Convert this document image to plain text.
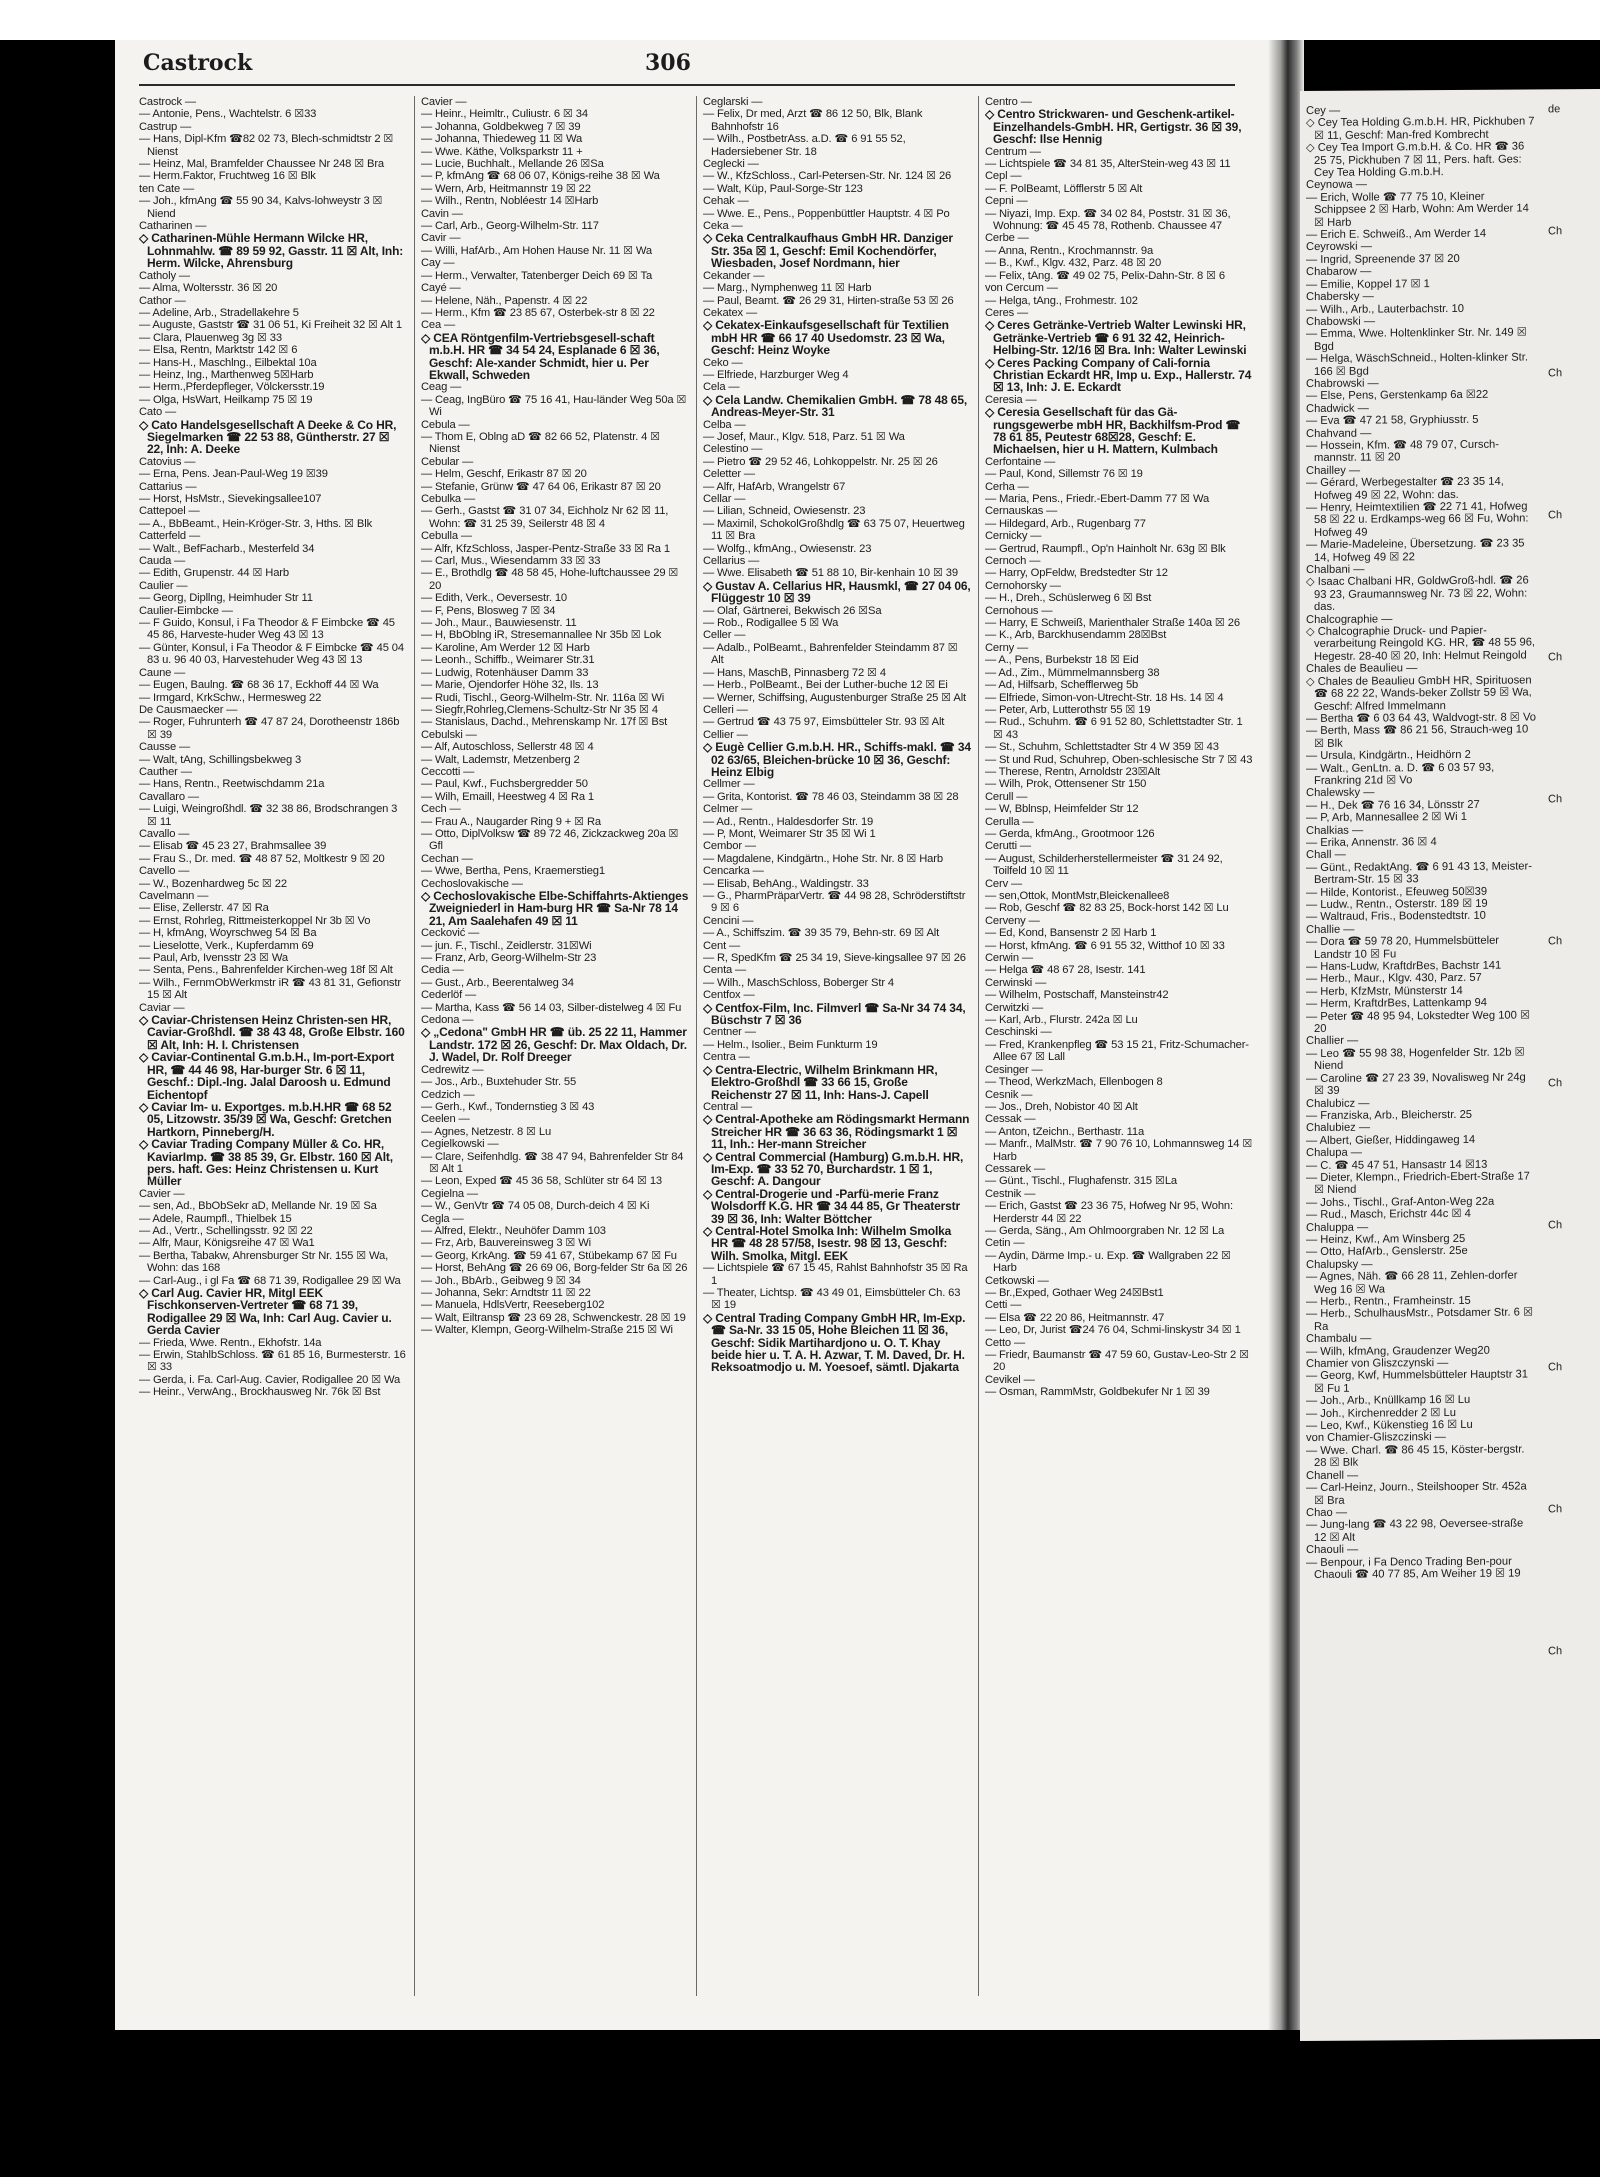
Castrock	306

Castrock —

— Antonie, Pens., Wachtelstr. 6 ☒33

Castrup —

— Hans, Dipl-Kfm ☎82 02 73, Blech-schmidtstr 2 ☒ Nienst

— Heinz, Mal, Bramfelder Chaussee Nr 248 ☒ Bra

— Herm.Faktor, Fruchtweg 16 ☒ Blk

ten Cate —

— Joh., kfmAng ☎ 55 90 34, Kalvs-lohweystr 3 ☒ Niend

Catharinen —

◇ Catharinen-Mühle Hermann Wilcke HR, Lohnmahlw. ☎ 89 59 92, Gasstr. 11 ☒ Alt, Inh: Herm. Wilcke, Ahrensburg

Catholy —

— Alma, Woltersstr. 36 ☒ 20

Cathor —

— Adeline, Arb., Stradellakehre 5

— Auguste, Gaststr ☎ 31 06 51, Ki Freiheit 32 ☒ Alt 1

— Clara, Plauenweg 3g ☒ 33

— Elsa, Rentn, Marktstr 142 ☒ 6

— Hans-H., Maschlng., Eilbektal 10a

— Heinz, Ing., Marthenweg 5☒Harb

— Herm.,Pferdepfleger, Völckersstr.19

— Olga, HsWart, Heilkamp 75 ☒ 19

Cato —

◇ Cato Handelsgesellschaft A Deeke & Co HR, Siegelmarken ☎ 22 53 88, Güntherstr. 27 ☒ 22, Inh: A. Deeke

Catovius —

— Erna, Pens. Jean-Paul-Weg 19 ☒39

Cattarius —

— Horst, HsMstr., Sievekingsallee107

Cattepoel —

— A., BbBeamt., Hein-Kröger-Str. 3, Hths. ☒ Blk

Catterfeld —

— Walt., BefFacharb., Mesterfeld 34

Cauda —

— Edith, Grupenstr. 44 ☒ Harb

Caulier —

— Georg, Dipllng, Heimhuder Str 11

Caulier-Eimbcke —

— F Guido, Konsul, i Fa Theodor & F Eimbcke ☎ 45 45 86, Harveste-huder Weg 43 ☒ 13

— Günter, Konsul, i Fa Theodor & F Eimbcke ☎ 45 04 83 u. 96 40 03, Harvestehuder Weg 43 ☒ 13

Caune —

— Eugen, Baulng. ☎ 68 36 17, Eckhoff 44 ☒ Wa

— Irmgard, KrkSchw., Hermesweg 22

De Causmaecker —

— Roger, Fuhrunterh ☎ 47 87 24, Dorotheenstr 186b ☒ 39

Causse —

— Walt, tAng, Schillingsbekweg 3

Cauther —

— Hans, Rentn., Reetwischdamm 21a

Cavallaro —

— Luigi, Weingroßhdl. ☎ 32 38 86, Brodschrangen 3 ☒ 11

Cavallo —

— Elisab ☎ 45 23 27, Brahmsallee 39

— Frau S., Dr. med. ☎ 48 87 52, Moltkestr 9 ☒ 20

Cavello —

— W., Bozenhardweg 5c ☒ 22

Cavelmann —

— Elise, Zellerstr. 47 ☒ Ra

— Ernst, Rohrleg, Rittmeisterkoppel Nr 3b ☒ Vo

— H, kfmAng, Woyrschweg 54 ☒ Ba

— Lieselotte, Verk., Kupferdamm 69

— Paul, Arb, Ivensstr 23 ☒ Wa

— Senta, Pens., Bahrenfelder Kirchen-weg 18f ☒ Alt

— Wilh., FernmObWerkmstr iR ☎ 43 81 31, Gefionstr 15 ☒ Alt

Caviar —

◇ Caviar-Christensen Heinz Christen-sen HR, Caviar-Großhdl. ☎ 38 43 48, Große Elbstr. 160 ☒ Alt, Inh: H. I. Christensen

◇ Caviar-Continental G.m.b.H., Im-port-Export HR, ☎ 44 46 98, Har-burger Str. 6 ☒ 11, Geschf.: Dipl.-Ing. Jalal Daroosh u. Edmund Eichentopf

◇ Caviar Im- u. Exportges. m.b.H.HR ☎ 68 52 05, Litzowstr. 35/39 ☒ Wa, Geschf: Gretchen Hartkorn, Pinneberg/H.

◇ Caviar Trading Company Müller & Co. HR, KaviarImp. ☎ 38 85 39, Gr. Elbstr. 160 ☒ Alt, pers. haft. Ges: Heinz Christensen u. Kurt Müller

Cavier —

— sen, Ad., BbObSekr aD, Mellande Nr. 19 ☒ Sa

— Adele, Raumpfl., Thielbek 15

— Ad., Vertr., Schellingsstr. 92 ☒ 22

— Alfr, Maur, Königsreihe 47 ☒ Wa1

— Bertha, Tabakw, Ahrensburger Str Nr. 155 ☒ Wa, Wohn: das 168

— Carl-Aug., i gl Fa ☎ 68 71 39, Rodigallee 29 ☒ Wa

◇ Carl Aug. Cavier HR, Mitgl EEK Fischkonserven-Vertreter ☎ 68 71 39, Rodigallee 29 ☒ Wa, Inh: Carl Aug. Cavier u. Gerda Cavier

— Frieda, Wwe. Rentn., Ekhofstr. 14a

— Erwin, StahlbSchloss. ☎ 61 85 16, Burmesterstr. 16 ☒ 33

— Gerda, i. Fa. Carl-Aug. Cavier, Rodigallee 20 ☒ Wa

— Heinr., VerwAng., Brockhausweg Nr. 76k ☒ Bst

Cavier —

— Heinr., Heimltr., Culiustr. 6 ☒ 34

— Johanna, Goldbekweg 7 ☒ 39

— Johanna, Thiedeweg 11 ☒ Wa

— Wwe. Käthe, Volksparkstr 11 +

— Lucie, Buchhalt., Mellande 26 ☒Sa

— P, kfmAng ☎ 68 06 07, Königs-reihe 38 ☒ Wa

— Wern, Arb, Heitmannstr 19 ☒ 22

— Wilh., Rentn, Nobléestr 14 ☒Harb

Cavin —

— Carl, Arb., Georg-Wilhelm-Str. 117

Cavir —

— Willi, HafArb., Am Hohen Hause Nr. 11 ☒ Wa

Cay —

— Herm., Verwalter, Tatenberger Deich 69 ☒ Ta

Cayé —

— Helene, Näh., Papenstr. 4 ☒ 22

— Herm., Kfm ☎ 23 85 67, Osterbek-str 8 ☒ 22

Cea —

◇ CEA Röntgenfilm-Vertriebsgesell-schaft m.b.H. HR ☎ 34 54 24, Esplanade 6 ☒ 36, Geschf: Ale-xander Schmidt, hier u. Per Ekwall, Schweden

Ceag —

— Ceag, IngBüro ☎ 75 16 41, Hau-länder Weg 50a ☒ Wi

Cebula —

— Thom E, Oblng aD ☎ 82 66 52, Platenstr. 4 ☒ Nienst

Cebular —

— Helm, Geschf, Erikastr 87 ☒ 20

— Stefanie, Grünw ☎ 47 64 06, Erikastr 87 ☒ 20

Cebulka —

— Gerh., Gastst ☎ 31 07 34, Eichholz Nr 62 ☒ 11, Wohn: ☎ 31 25 39, Seilerstr 48 ☒ 4

Cebulla —

— Alfr, KfzSchloss, Jasper-Pentz-Straße 33 ☒ Ra 1

— Carl, Mus., Wiesendamm 33 ☒ 33

— E., Brothdlg ☎ 48 58 45, Hohe-luftchaussee 29 ☒ 20

— Edith, Verk., Oeversestr. 10

— F, Pens, Blosweg 7 ☒ 34

— Joh., Maur., Bauwiesenstr. 11

— H, BbOblng iR, Stresemannallee Nr 35b ☒ Lok

— Karoline, Am Werder 12 ☒ Harb

— Leonh., Schiffb., Weimarer Str.31

— Ludwig, Rotenhäuser Damm 33

— Marie, Ojendorfer Höhe 32, Ils. 13

— Rudi, Tischl., Georg-Wilhelm-Str. Nr. 116a ☒ Wi

— Siegfr,Rohrleg,Clemens-Schultz-Str Nr 35 ☒ 4

— Stanislaus, Dachd., Mehrenskamp Nr. 17f ☒ Bst

Cebulski —

— Alf, Autoschloss, Sellerstr 48 ☒ 4

— Walt, Lademstr, Metzenberg 2

Ceccotti —

— Paul, Kwf., Fuchsbergredder 50

— Wilh, Emaill, Heestweg 4 ☒ Ra 1

Cech —

— Frau A., Naugarder Ring 9 + ☒ Ra

— Otto, DiplVolksw ☎ 89 72 46, Zickzackweg 20a ☒ Gfl

Cechan —

— Wwe, Bertha, Pens, Kraemerstieg1

Cechoslovakische —

◇ Cechoslovakische Elbe-Schiffahrts-Aktienges Zweigniederl in Ham-burg HR ☎ Sa-Nr 78 14 21, Am Saalehafen 49 ☒ 11

Cecković —

— jun. F., Tischl., Zeidlerstr. 31☒Wi

— Franz, Arb, Georg-Wilhelm-Str 23

Cedia —

— Gust., Arb., Beerentalweg 34

Cederlöf —

— Martha, Kass ☎ 56 14 03, Silber-distelweg 4 ☒ Fu

Cedona —

◇ „Cedona" GmbH HR ☎ üb. 25 22 11, Hammer Landstr. 172 ☒ 26, Geschf: Dr. Max Oldach, Dr. J. Wadel, Dr. Rolf Dreeger

Cedrewitz —

— Jos., Arb., Buxtehuder Str. 55

Cedzich —

— Gerh., Kwf., Tondernstieg 3 ☒ 43

Ceelen —

— Agnes, Netzestr. 8 ☒ Lu

Cegielkowski —

— Clare, Seifenhdlg. ☎ 38 47 94, Bahrenfelder Str 84 ☒ Alt 1

— Leon, Exped ☎ 45 36 58, Schlüter str 64 ☒ 13

Cegielna —

— W., GenVtr ☎ 74 05 08, Durch-deich 4 ☒ Ki

Cegla —

— Alfred, Elektr., Neuhöfer Damm 103

— Frz, Arb, Bauvereinsweg 3 ☒ Wi

— Georg, KrkAng. ☎ 59 41 67, Stübekamp 67 ☒ Fu

— Horst, BehAng ☎ 26 69 06, Borg-felder Str 6a ☒ 26

— Joh., BbArb., Geibweg 9 ☒ 34

— Johanna, Sekr: Arndtstr 11 ☒ 22

— Manuela, HdlsVertr, Reeseberg102

— Walt, Eiltransp ☎ 23 69 28, Schwenckestr. 28 ☒ 19

— Walter, Klempn, Georg-Wilhelm-Straße 215 ☒ Wi

Ceglarski —

— Felix, Dr med, Arzt ☎ 86 12 50, Blk, Blank Bahnhofstr 16

— Wilh., PostbetrAss. a.D. ☎ 6 91 55 52, Hadersiebener Str. 18

Ceglecki —

— W., KfzSchloss., Carl-Petersen-Str. Nr. 124 ☒ 26

— Walt, Küp, Paul-Sorge-Str 123

Cehak —

— Wwe. E., Pens., Poppenbüttler Hauptstr. 4 ☒ Po

Ceka —

◇ Ceka Centralkaufhaus GmbH HR. Danziger Str. 35a ☒ 1, Geschf: Emil Kochendörfer, Wiesbaden, Josef Nordmann, hier

Cekander —

— Marg., Nymphenweg 11 ☒ Harb

— Paul, Beamt. ☎ 26 29 31, Hirten-straße 53 ☒ 26

Cekatex —

◇ Cekatex-Einkaufsgesellschaft für Textilien mbH HR ☎ 66 17 40 Usedomstr. 23 ☒ Wa, Geschf: Heinz Woyke

Ceko —

— Elfriede, Harzburger Weg 4

Cela —

◇ Cela Landw. Chemikalien GmbH. ☎ 78 48 65, Andreas-Meyer-Str. 31

Celba —

— Josef, Maur., Klgv. 518, Parz. 51 ☒ Wa

Celestino —

— Pietro ☎ 29 52 46, Lohkoppelstr. Nr. 25 ☒ 26

Celetter —

— Alfr, HafArb, Wrangelstr 67

Cellar —

— Lilian, Schneid, Owiesenstr. 23

— Maximil, SchokolGroßhdlg ☎ 63 75 07, Heuertweg 11 ☒ Bra

— Wolfg., kfmAng., Owiesenstr. 23

Cellarius —

— Wwe. Elisabeth ☎ 51 88 10, Bir-kenhain 10 ☒ 39

◇ Gustav A. Cellarius HR, Hausmkl, ☎ 27 04 06, Flüggestr 10 ☒ 39

— Olaf, Gärtnerei, Bekwisch 26 ☒Sa

— Rob., Rodigallee 5 ☒ Wa

Celler —

— Adalb., PolBeamt., Bahrenfelder Steindamm 87 ☒ Alt

— Hans, MaschB, Pinnasberg 72 ☒ 4

— Herb., PolBeamt., Bei der Luther-buche 12 ☒ Ei

— Werner, Schiffsing, Augustenburger Straße 25 ☒ Alt

Celleri —

— Gertrud ☎ 43 75 97, Eimsbütteler Str. 93 ☒ Alt

Cellier —

◇ Eugè Cellier G.m.b.H. HR., Schiffs-makl. ☎ 34 02 63/65, Bleichen-brücke 10 ☒ 36, Geschf: Heinz Elbig

Cellmer —

— Grita, Kontorist. ☎ 78 46 03, Steindamm 38 ☒ 28

Celmer —

— Ad., Rentn., Haldesdorfer Str. 19

— P, Mont, Weimarer Str 35 ☒ Wi 1

Cembor —

— Magdalene, Kindgärtn., Hohe Str. Nr. 8 ☒ Harb

Cencarka —

— Elisab, BehAng., Waldingstr. 33

— G., PharmPräparVertr. ☎ 44 98 28, Schröderstiftstr 9 ☒ 6

Cencini —

— A., Schiffszim. ☎ 39 35 79, Behn-str. 69 ☒ Alt

Cent —

— R, SpedKfm ☎ 25 34 19, Sieve-kingsallee 97 ☒ 26

Centa —

— Wilh., MaschSchloss, Boberger Str 4

Centfox —

◇ Centfox-Film, Inc. Filmverl ☎ Sa-Nr 34 74 34, Büschstr 7 ☒ 36

Centner —

— Helm., Isolier., Beim Funkturm 19

Centra —

◇ Centra-Electric, Wilhelm Brinkmann HR, Elektro-Großhdl ☎ 33 66 15, Große Reichenstr 27 ☒ 11, Inh: Hans-J. Capell

Central —

◇ Central-Apotheke am Rödingsmarkt Hermann Streicher HR ☎ 36 63 36, Rödingsmarkt 1 ☒ 11, Inh.: Her-mann Streicher

◇ Central Commercial (Hamburg) G.m.b.H. HR, Im-Exp. ☎ 33 52 70, Burchardstr. 1 ☒ 1, Geschf: A. Dangour

◇ Central-Drogerie und -Parfü-merie Franz Wolsdorff K.G. HR ☎ 34 44 85, Gr Theaterstr 39 ☒ 36, Inh: Walter Böttcher

◇ Central-Hotel Smolka Inh: Wilhelm Smolka HR ☎ 48 28 57/58, Isestr. 98 ☒ 13, Geschf: Wilh. Smolka, Mitgl. EEK

— Lichtspiele ☎ 67 15 45, Rahlst Bahnhofstr 35 ☒ Ra 1

— Theater, Lichtsp. ☎ 43 49 01, Eimsbütteler Ch. 63 ☒ 19

◇ Central Trading Company GmbH HR, Im-Exp. ☎ Sa-Nr. 33 15 05, Hohe Bleichen 11 ☒ 36, Geschf: Sidik Martihardjono u. O. T. Khay beide hier u. T. A. H. Azwar, T. M. Daved, Dr. H. Reksoatmodjo u. M. Yoesoef, sämtl. Djakarta

Centro —

◇ Centro Strickwaren- und Geschenk-artikel-Einzelhandels-GmbH. HR, Gertigstr. 36 ☒ 39, Geschf: Ilse Hennig

Centrum —

— Lichtspiele ☎ 34 81 35, AlterStein-weg 43 ☒ 11

Cepl —

— F. PolBeamt, Löfflerstr 5 ☒ Alt

Cepni —

— Niyazi, Imp. Exp. ☎ 34 02 84, Poststr. 31 ☒ 36, Wohnung: ☎ 45 45 78, Rothenb. Chaussee 47

Cerbe —

— Anna, Rentn., Krochmannstr. 9a

— B., Kwf., Klgv. 432, Parz. 48 ☒ 20

— Felix, tAng. ☎ 49 02 75, Pelix-Dahn-Str. 8 ☒ 6

von Cercum —

— Helga, tAng., Frohmestr. 102

Ceres —

◇ Ceres Getränke-Vertrieb Walter Lewinski HR, Getränke-Vertrieb ☎ 6 91 32 42, Heinrich-Helbing-Str. 12/16 ☒ Bra. Inh: Walter Lewinski

◇ Ceres Packing Company of Cali-fornia Christian Eckardt HR, Imp u. Exp., Hallerstr. 74 ☒ 13, Inh: J. E. Eckardt

Ceresia —

◇ Ceresia Gesellschaft für das Gä-rungsgewerbe mbH HR, Backhilfsm-Prod ☎ 78 61 85, Peutestr 68☒28, Geschf: E. Michaelsen, hier u H. Mattern, Kulmbach

Cerfontaine —

— Paul, Kond, Sillemstr 76 ☒ 19

Cerha —

— Maria, Pens., Friedr.-Ebert-Damm 77 ☒ Wa

Cernauskas —

— Hildegard, Arb., Rugenbarg 77

Cernicky —

— Gertrud, Raumpfl., Op'n Hainholt Nr. 63g ☒ Blk

Cernoch —

— Harry, OpFeldw, Bredstedter Str 12

Cernohorsky —

— H., Dreh., Schüslerweg 6 ☒ Bst

Cernohous —

— Harry, E Schweiß, Marienthaler Straße 140a ☒ 26

— K., Arb, Barckhusendamm 28☒Bst

Cerny —

— A., Pens, Burbekstr 18 ☒ Eid

— Ad., Zim., Mümmelmannsberg 38

— Ad, Hilfsarb, Schefflerweg 5b

— Elfriede, Simon-von-Utrecht-Str. 18 Hs. 14 ☒ 4

— Peter, Arb, Lutterothstr 55 ☒ 19

— Rud., Schuhm. ☎ 6 91 52 80, Schlettstadter Str. 1 ☒ 43

— St., Schuhm, Schlettstadter Str 4 W 359 ☒ 43

— St und Rud, Schuhrep, Oben-schlesische Str 7 ☒ 43

— Therese, Rentn, Arnoldstr 23☒Alt

— Wilh, Prok, Ottensener Str 150

Cerull —

— W, Bblnsp, Heimfelder Str 12

Cerulla —

— Gerda, kfmAng., Grootmoor 126

Cerutti —

— August, Schilderherstellermeister ☎ 31 24 92, Toilfeld 10 ☒ 11

Cerv —

— sen,Ottok, MontMstr,Bleickenallee8

— Rob, Geschf ☎ 82 83 25, Bock-horst 142 ☒ Lu

Cerveny —

— Ed, Kond, Bansenstr 2 ☒ Harb 1

— Horst, kfmAng. ☎ 6 91 55 32, Witthof 10 ☒ 33

Cerwin —

— Helga ☎ 48 67 28, Isestr. 141

Cerwinski —

— Wilhelm, Postschaff, Mansteinstr42

Cerwitzki —

— Karl, Arb., Flurstr. 242a ☒ Lu

Ceschinski —

— Fred, Krankenpfleg ☎ 53 15 21, Fritz-Schumacher-Allee 67 ☒ Lall

Cesinger —

— Theod, WerkzMach, Ellenbogen 8

Cesnik —

— Jos., Dreh, Nobistor 40 ☒ Alt

Cessak —

— Anton, tZeichn., Berthastr. 11a

— Manfr., MalMstr. ☎ 7 90 76 10, Lohmannsweg 14 ☒ Harb

Cessarek —

— Günt., Tischl., Flughafenstr. 315 ☒La

Cestnik —

— Erich, Gastst ☎ 23 36 75, Hofweg Nr 95, Wohn: Herderstr 44 ☒ 22

— Gerda, Säng., Am Ohlmoorgraben Nr. 12 ☒ La

Cetin —

— Aydin, Därme Imp.- u. Exp. ☎ Wallgraben 22 ☒ Harb

Cetkowski —

— Br.,Exped, Gothaer Weg 24☒Bst1

Cetti —

— Elsa ☎ 22 20 86, Heitmannstr. 47

— Leo, Dr, Jurist ☎24 76 04, Schmi-linskystr 34 ☒ 1

Cetto —

— Friedr, Baumanstr ☎ 47 59 60, Gustav-Leo-Str 2 ☒ 20

Cevikel —

— Osman, RammMstr, Goldbekufer Nr 1 ☒ 39

Cey —

◇ Cey Tea Holding G.m.b.H. HR, Pickhuben 7 ☒ 11, Geschf: Man-fred Kombrecht

◇ Cey Tea Import G.m.b.H. & Co. HR ☎ 36 25 75, Pickhuben 7 ☒ 11, Pers. haft. Ges: Cey Tea Holding G.m.b.H.

Ceynowa —

— Erich, Wolle ☎ 77 75 10, Kleiner Schippsee 2 ☒ Harb, Wohn: Am Werder 14 ☒ Harb

— Erich E. Schweiß., Am Werder 14

Ceyrowski —

— Ingrid, Spreenende 37 ☒ 20

Chabarow —

— Emilie, Koppel 17 ☒ 1

Chabersky —

— Wilh., Arb., Lauterbachstr. 10

Chabowski —

— Emma, Wwe. Holtenklinker Str. Nr. 149 ☒ Bgd

— Helga, WäschSchneid., Holten-klinker Str. 166 ☒ Bgd

Chabrowski —

— Else, Pens, Gerstenkamp 6a ☒22

Chadwick —

— Eva ☎ 47 21 58, Gryphiusstr. 5

Chahvand —

— Hossein, Kfm. ☎ 48 79 07, Cursch-mannstr. 11 ☒ 20

Chailley —

— Gérard, Werbegestalter ☎ 23 35 14, Hofweg 49 ☒ 22, Wohn: das.

— Henry, Heimtextilien ☎ 22 71 41, Hofweg 58 ☒ 22 u. Erdkamps-weg 66 ☒ Fu, Wohn: Hofweg 49

— Marie-Madeleine, Übersetzung. ☎ 23 35 14, Hofweg 49 ☒ 22

Chalbani —

◇ Isaac Chalbani HR, GoldwGroß-hdl. ☎ 26 93 23, Graumannsweg Nr. 73 ☒ 22, Wohn: das.

Chalcographie —

◇ Chalcographie Druck- und Papier-verarbeitung Reingold KG. HR, ☎ 48 55 96, Hegestr. 28-40 ☒ 20, Inh: Helmut Reingold

Chales de Beaulieu —

◇ Chales de Beaulieu GmbH HR, Spirituosen ☎ 68 22 22, Wands-beker Zollstr 59 ☒ Wa, Geschf: Alfred Immelmann

— Bertha ☎ 6 03 64 43, Waldvogt-str. 8 ☒ Vo

— Berth, Mass ☎ 86 21 56, Strauch-weg 10 ☒ Blk

— Ursula, Kindgärtn., Heidhörn 2

— Walt., GenLtn. a. D. ☎ 6 03 57 93, Frankring 21d ☒ Vo

Chalewsky —

— H., Dek ☎ 76 16 34, Lönsstr 27

— P, Arb, Mannesallee 2 ☒ Wi 1

Chalkias —

— Erika, Annenstr. 36 ☒ 4

Chall —

— Günt., RedaktAng. ☎ 6 91 43 13, Meister-Bertram-Str. 15 ☒ 33

— Hilde, Kontorist., Efeuweg 50☒39

— Ludw., Rentn., Osterstr. 189 ☒ 19

— Waltraud, Fris., Bodenstedtstr. 10

Challie —

— Dora ☎ 59 78 20, Hummelsbütteler Landstr 10 ☒ Fu

— Hans-Ludw, KraftdrBes, Bachstr 141

— Herb., Maur., Klgv. 430, Parz. 57

— Herb, KfzMstr, Münsterstr 14

— Herm, KraftdrBes, Lattenkamp 94

— Peter ☎ 48 95 94, Lokstedter Weg 100 ☒ 20

Challier —

— Leo ☎ 55 98 38, Hogenfelder Str. 12b ☒ Niend

— Caroline ☎ 27 23 39, Novalisweg Nr 24g ☒ 39

Chalubicz —

— Franziska, Arb., Bleicherstr. 25

Chalubiez —

— Albert, Gießer, Hiddingaweg 14

Chalupa —

— C. ☎ 45 47 51, Hansastr 14 ☒13

— Dieter, Klempn., Friedrich-Ebert-Straße 17 ☒ Niend

— Johs., Tischl., Graf-Anton-Weg 22a

— Rud., Masch, Erichstr 44c ☒ 4

Chaluppa —

— Heinz, Kwf., Am Winsberg 25

— Otto, HafArb., Genslerstr. 25e

Chalupsky —

— Agnes, Näh. ☎ 66 28 11, Zehlen-dorfer Weg 16 ☒ Wa

— Herb., Rentn., Framheinstr. 15

— Herb., SchulhausMstr., Potsdamer Str. 6 ☒ Ra

Chambalu —

— Wilh, kfmAng, Graudenzer Weg20

Chamier von Gliszczynski —

— Georg, Kwf, Hummelsbütteler Hauptstr 31 ☒ Fu 1

— Joh., Arb., Knüllkamp 16 ☒ Lu

— Joh., Kirchenredder 2 ☒ Lu

— Leo, Kwf., Kükenstieg 16 ☒ Lu

von Chamier-Gliszczinski —

— Wwe. Charl. ☎ 86 45 15, Köster-bergstr. 28 ☒ Blk

Chanell —

— Carl-Heinz, Journ., Steilshooper Str. 452a ☒ Bra

Chao —

— Jung-lang ☎ 43 22 98, Oeversee-straße 12 ☒ Alt

Chaouli —

— Benpour, i Fa Denco Trading Ben-pour Chaouli ☎ 40 77 85, Am Weiher 19 ☒ 19

de
Ch
Ch
Ch
Ch
Ch
Ch
Ch
Ch
Ch
Ch
Ch
